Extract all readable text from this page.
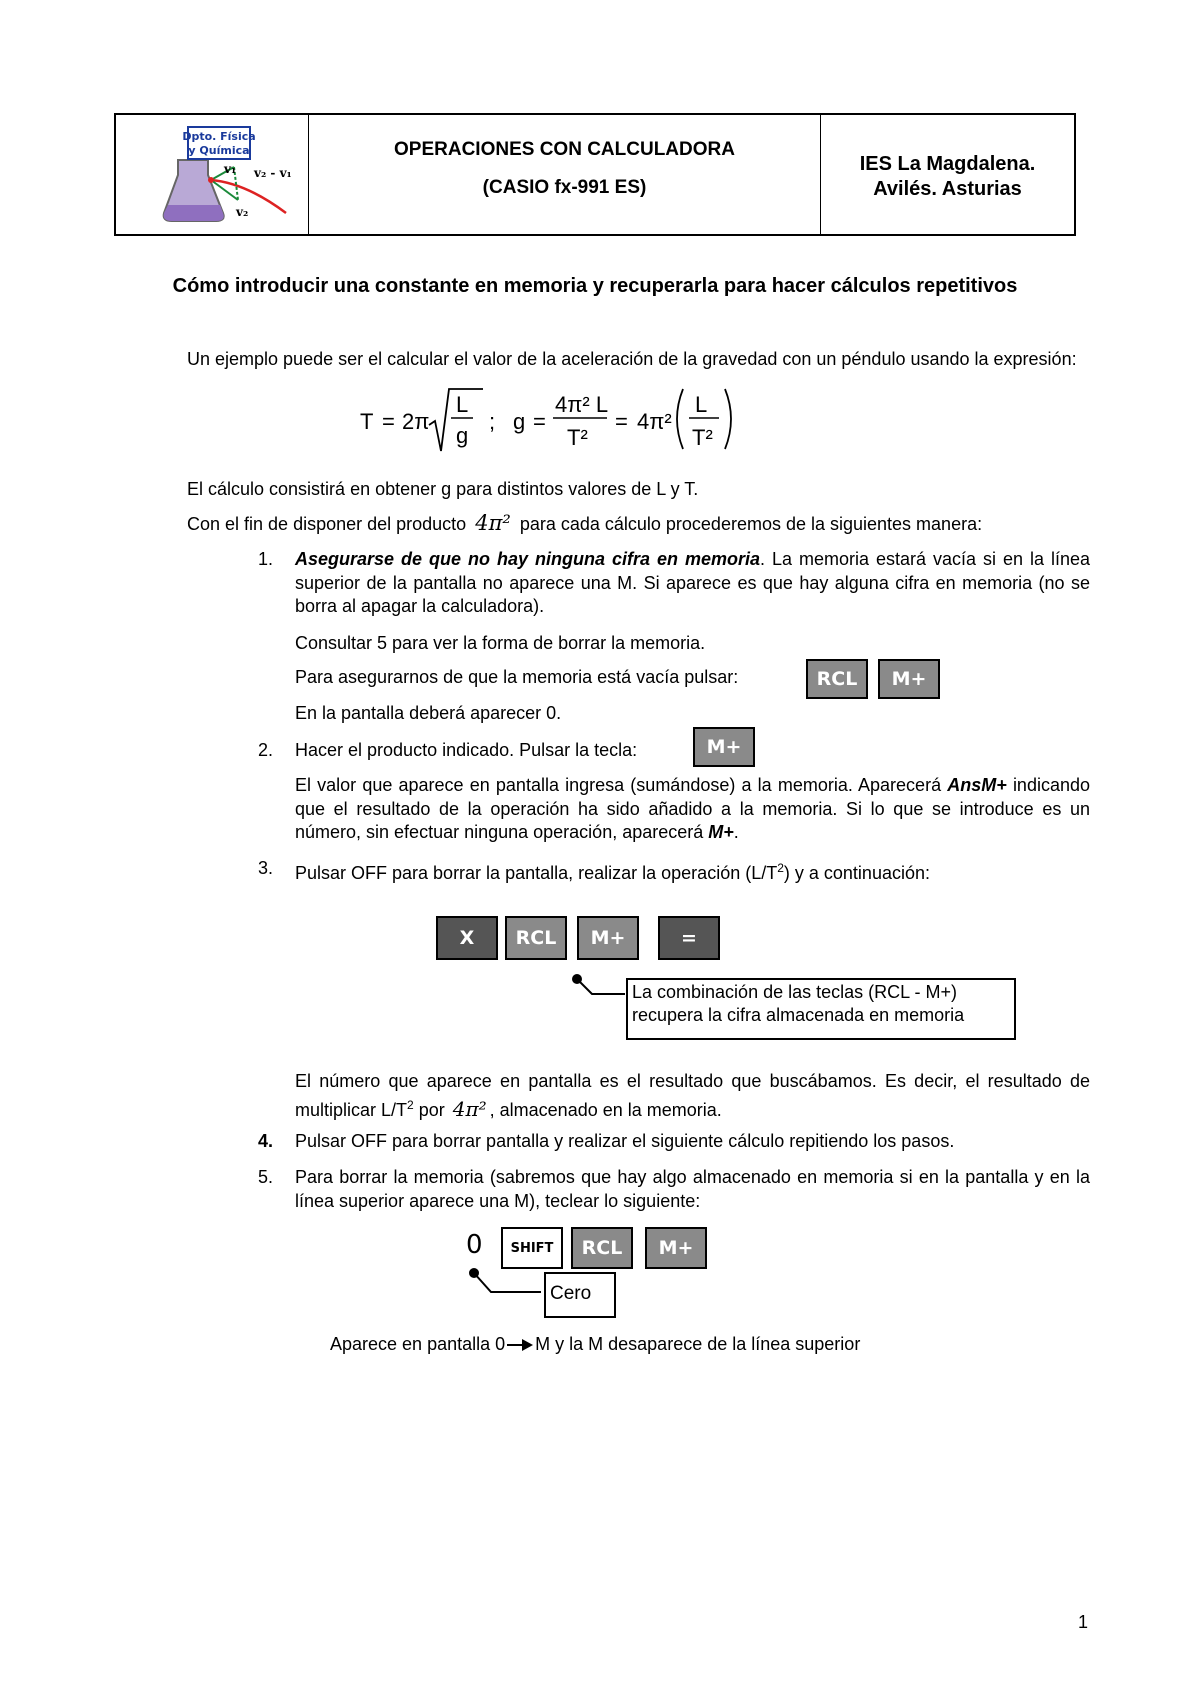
Dpto. Física
y Química
v₁ v₂ - v₁
v₂
OPERACIONES CON CALCULADORA
(CASIO fx-991 ES)
IES La Magdalena.
Avilés. Asturias
Cómo introducir una constante en memoria y recuperarla para hacer cálculos repetitivos
Un ejemplo puede ser el calcular el valor de la aceleración de la gravedad con un péndulo usando la expresión:
T = 2π
L
g
; g =
4π² L
T²
= 4π²
L
T²
El cálculo consistirá en obtener g para distintos valores de L y T.
Con el fin de disponer del producto 4π² para cada cálculo procederemos de la siguientes manera:
1. Asegurarse de que no hay ninguna cifra en memoria. La memoria estará vacía si en la línea superior de la pantalla no aparece una M. Si aparece es que hay alguna cifra en memoria (no se borra al apagar la calculadora).
Consultar 5 para ver la forma de borrar la memoria.
Para asegurarnos de que la memoria está vacía pulsar:	RCL	M+
En la pantalla deberá aparecer 0.
2. Hacer el producto indicado. Pulsar la tecla:	M+
El valor que aparece en pantalla ingresa (sumándose) a la memoria. Aparecerá AnsM+ indicando que el resultado de la operación ha sido añadido a la memoria. Si lo que se introduce es un número, sin efectuar ninguna operación, aparecerá M+.
3. Pulsar OFF para borrar la pantalla, realizar la operación $(L/T^2)$ y a continuación:
X	RCL	M+	=
La combinación de las teclas (RCL - M+)
recupera la cifra almacenada en memoria
El número que aparece en pantalla es el resultado que buscábamos. Es decir, el resultado de multiplicar $L/T^2$ por 4π² , almacenado en la memoria.
4. Pulsar OFF para borrar pantalla y realizar el siguiente cálculo repitiendo los pasos.
5. Para borrar la memoria (sabremos que hay algo almacenado en memoria si en la pantalla y en la línea superior aparece una M), teclear lo siguiente:
0	SHIFT	RCL	M+
Cero
Aparece en pantalla 0 M y la M desaparece de la línea superior
1
